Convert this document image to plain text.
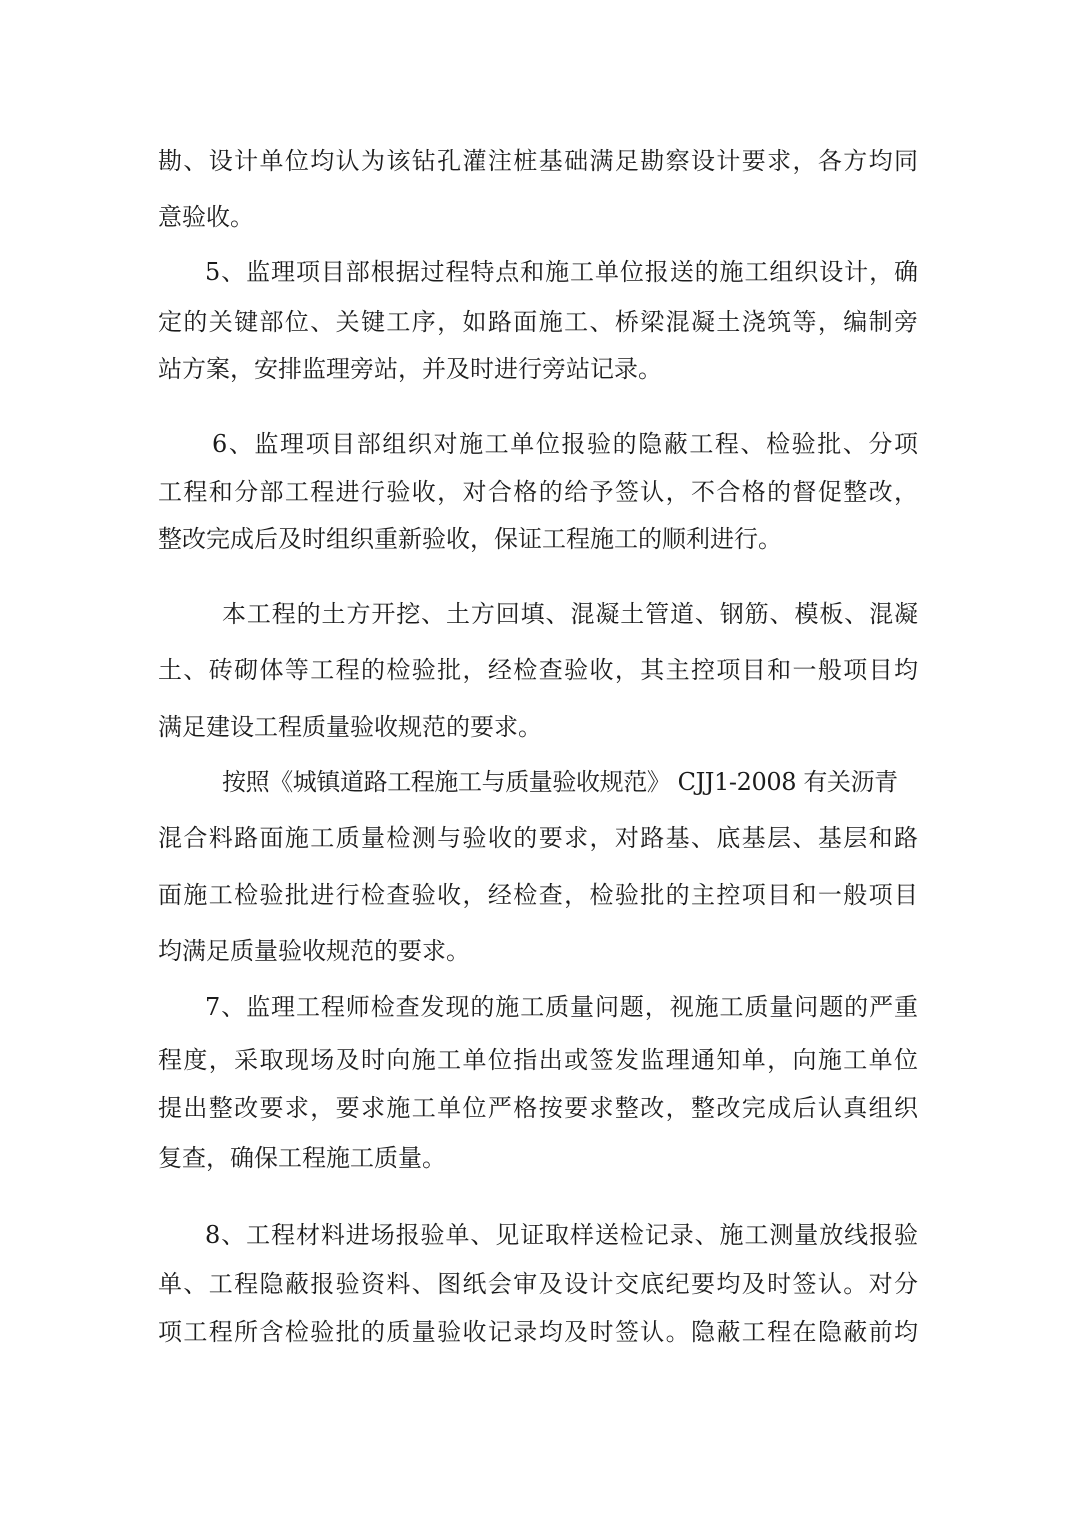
勘、设计单位均认为该钻孔灌注桩基础满足勘察设计要求，各方均同
意验收。
5、监理项目部根据过程特点和施工单位报送的施工组织设计，确
定的关键部位、关键工序，如路面施工、桥梁混凝土浇筑等，编制旁
站方案，安排监理旁站，并及时进行旁站记录。
6、监理项目部组织对施工单位报验的隐蔽工程、检验批、分项
工程和分部工程进行验收，对合格的给予签认，不合格的督促整改，
整改完成后及时组织重新验收，保证工程施工的顺利进行。
本工程的土方开挖、土方回填、混凝土管道、钢筋、模板、混凝
土、砖砌体等工程的检验批，经检查验收，其主控项目和一般项目均
满足建设工程质量验收规范的要求。
按照《城镇道路工程施工与质量验收规范》 CJJ1-2008 有关沥青
混合料路面施工质量检测与验收的要求，对路基、底基层、基层和路
面施工检验批进行检查验收，经检查，检验批的主控项目和一般项目
均满足质量验收规范的要求。
7、监理工程师检查发现的施工质量问题，视施工质量问题的严重
程度，采取现场及时向施工单位指出或签发监理通知单，向施工单位
提出整改要求，要求施工单位严格按要求整改，整改完成后认真组织
复查，确保工程施工质量。
8、工程材料进场报验单、见证取样送检记录、施工测量放线报验
单、工程隐蔽报验资料、图纸会审及设计交底纪要均及时签认。对分
项工程所含检验批的质量验收记录均及时签认。隐蔽工程在隐蔽前均
